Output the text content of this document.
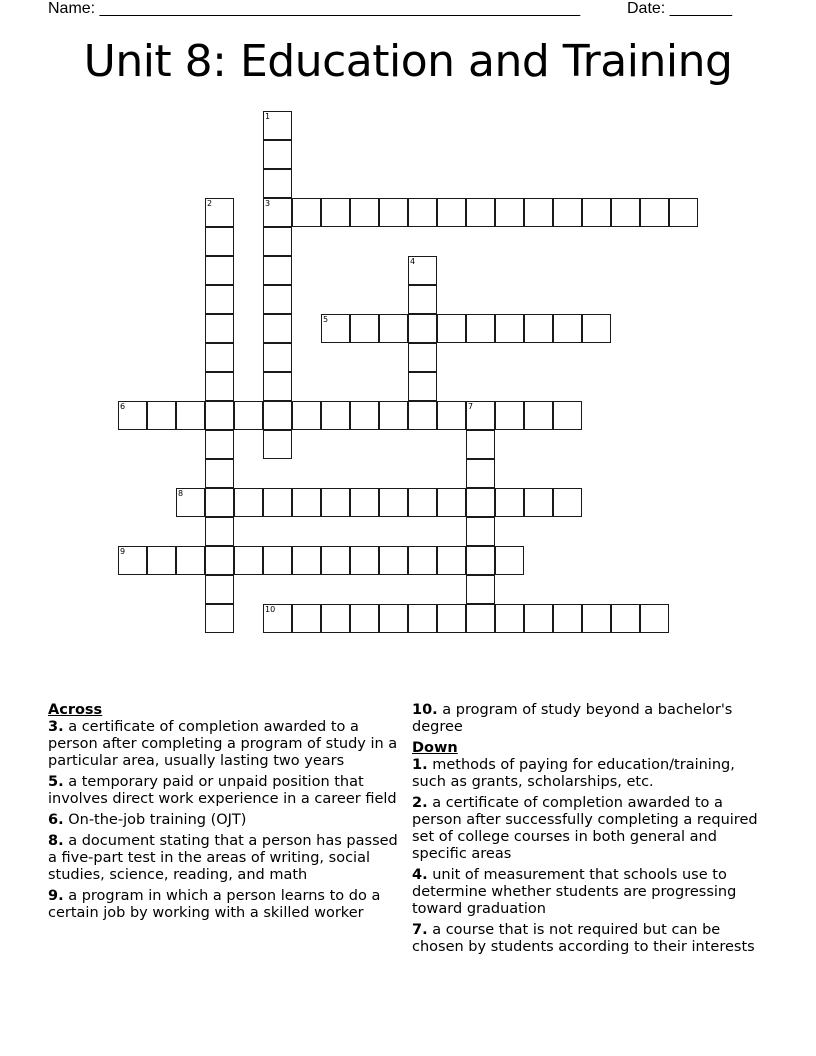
Name: ______________________________________________________	Date: _______
Unit 8: Education and Training
1
3
2
4
5
6	7
8
9
10
Across
3. a certificate of completion awarded to a person after completing a program of study in a particular area, usually lasting two years
5. a temporary paid or unpaid position that involves direct work experience in a career field
6. On-the-job training (OJT)
8. a document stating that a person has passed a five-part test in the areas of writing, social studies, science, reading, and math
9. a program in which a person learns to do a certain job by working with a skilled worker
10. a program of study beyond a bachelor's degree
Down
1. methods of paying for education/training, such as grants, scholarships, etc.
2. a certificate of completion awarded to a person after successfully completing a required set of college courses in both general and specific areas
4. unit of measurement that schools use to determine whether students are progressing toward graduation
7. a course that is not required but can be chosen by students according to their interests
